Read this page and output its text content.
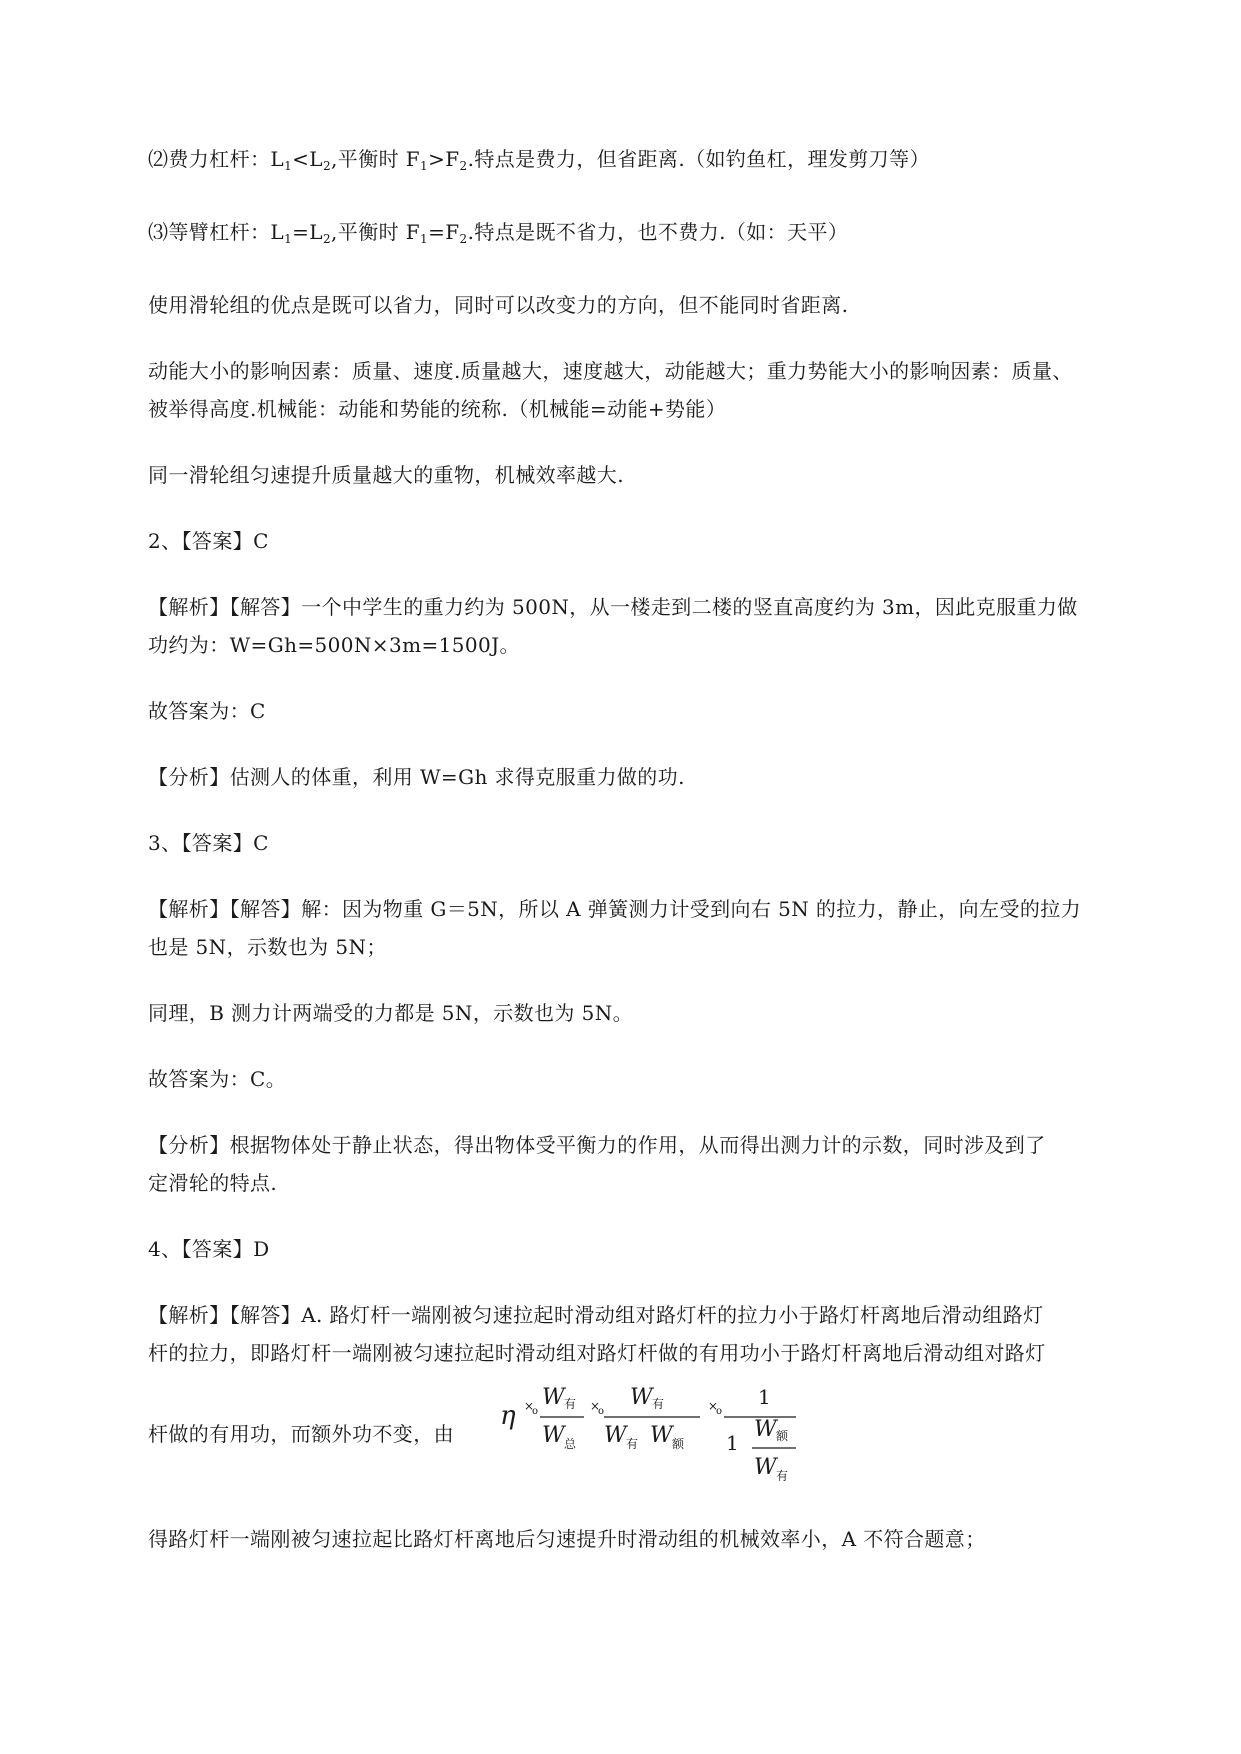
⑵费力杠杆：$L_1<L_2$,平衡时 $F_1>F_2$.特点是费力，但省距离.（如钓鱼杠，理发剪刀等）

⑶等臂杠杆：$L_1=L_2$,平衡时 $F_1=F_2$.特点是既不省力，也不费力.（如：天平）

使用滑轮组的优点是既可以省力，同时可以改变力的方向，但不能同时省距离.

动能大小的影响因素：质量、速度.质量越大，速度越大，动能越大；重力势能大小的影响因素：质量、
被举得高度.机械能：动能和势能的统称.（机械能=动能+势能）

同一滑轮组匀速提升质量越大的重物，机械效率越大.

2、【答案】C

【解析】【解答】一个中学生的重力约为 500N，从一楼走到二楼的竖直高度约为 3m，因此克服重力做
功约为：W=Gh=500N×3m=1500J。

故答案为：C

【分析】估测人的体重，利用 W=Gh 求得克服重力做的功.

3、【答案】C

【解析】【解答】解：因为物重 G＝5N，所以 A 弹簧测力计受到向右 5N 的拉力，静止，向左受的拉力
也是 5N，示数也为 5N；

同理，B 测力计两端受的力都是 5N，示数也为 5N。

故答案为：C。

【分析】根据物体处于静止状态，得出物体受平衡力的作用，从而得出测力计的示数，同时涉及到了
定滑轮的特点.

4、【答案】D

【解析】【解答】A. 路灯杆一端刚被匀速拉起时滑动组对路灯杆的拉力小于路灯杆离地后滑动组路灯
杆的拉力，即路灯杆一端刚被匀速拉起时滑动组对路灯杆做的有用功小于路灯杆离地后滑动组对路灯

杆做的有用功，而额外功不变，由
η ×
o
W 有
W 总
×
o
W 有
W 有 W 额
×
o
1
1
W 额
W 有

得路灯杆一端刚被匀速拉起比路灯杆离地后匀速提升时滑动组的机械效率小，A 不符合题意；
